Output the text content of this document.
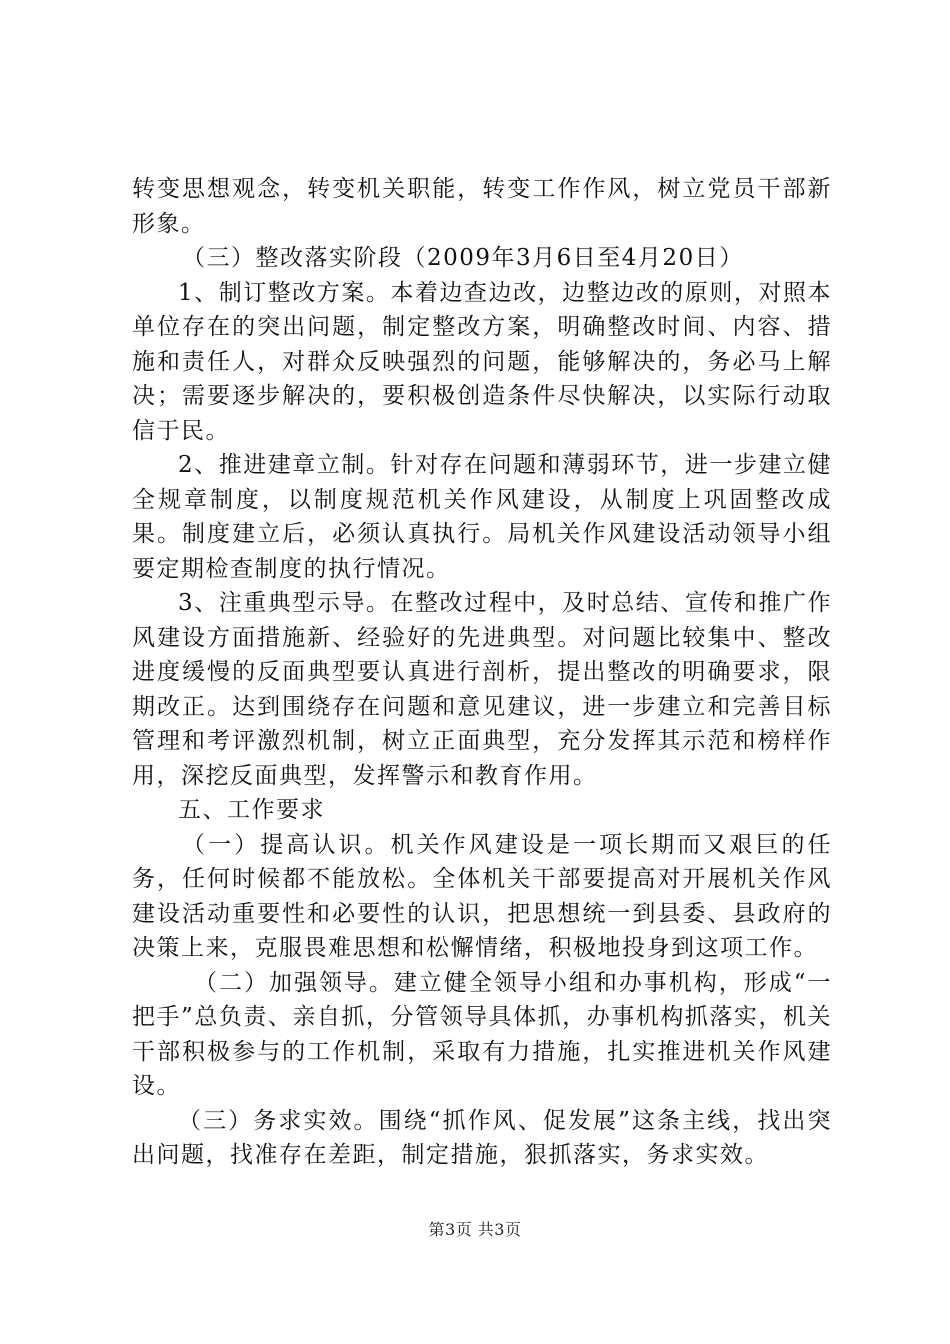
转变思想观念，转变机关职能，转变工作作风，树立党员干部新形象。

（三）整改落实阶段（2009年3月6日至4月20日）

1、制订整改方案。本着边查边改，边整边改的原则，对照本单位存在的突出问题，制定整改方案，明确整改时间、内容、措施和责任人，对群众反映强烈的问题，能够解决的，务必马上解决；需要逐步解决的，要积极创造条件尽快解决，以实际行动取信于民。

2、推进建章立制。针对存在问题和薄弱环节，进一步建立健全规章制度，以制度规范机关作风建设，从制度上巩固整改成果。制度建立后，必须认真执行。局机关作风建设活动领导小组要定期检查制度的执行情况。

3、注重典型示导。在整改过程中，及时总结、宣传和推广作风建设方面措施新、经验好的先进典型。对问题比较集中、整改进度缓慢的反面典型要认真进行剖析，提出整改的明确要求，限期改正。达到围绕存在问题和意见建议，进一步建立和完善目标管理和考评激烈机制，树立正面典型，充分发挥其示范和榜样作用，深挖反面典型，发挥警示和教育作用。

五、工作要求

（一）提高认识。机关作风建设是一项长期而又艰巨的任务，任何时候都不能放松。全体机关干部要提高对开展机关作风建设活动重要性和必要性的认识，把思想统一到县委、县政府的决策上来，克服畏难思想和松懈情绪，积极地投身到这项工作。

（二）加强领导。建立健全领导小组和办事机构，形成“一把手”总负责、亲自抓，分管领导具体抓，办事机构抓落实，机关干部积极参与的工作机制，采取有力措施，扎实推进机关作风建设。

（三）务求实效。围绕“抓作风、促发展”这条主线，找出突出问题，找准存在差距，制定措施，狠抓落实，务求实效。

第3页 共3页
